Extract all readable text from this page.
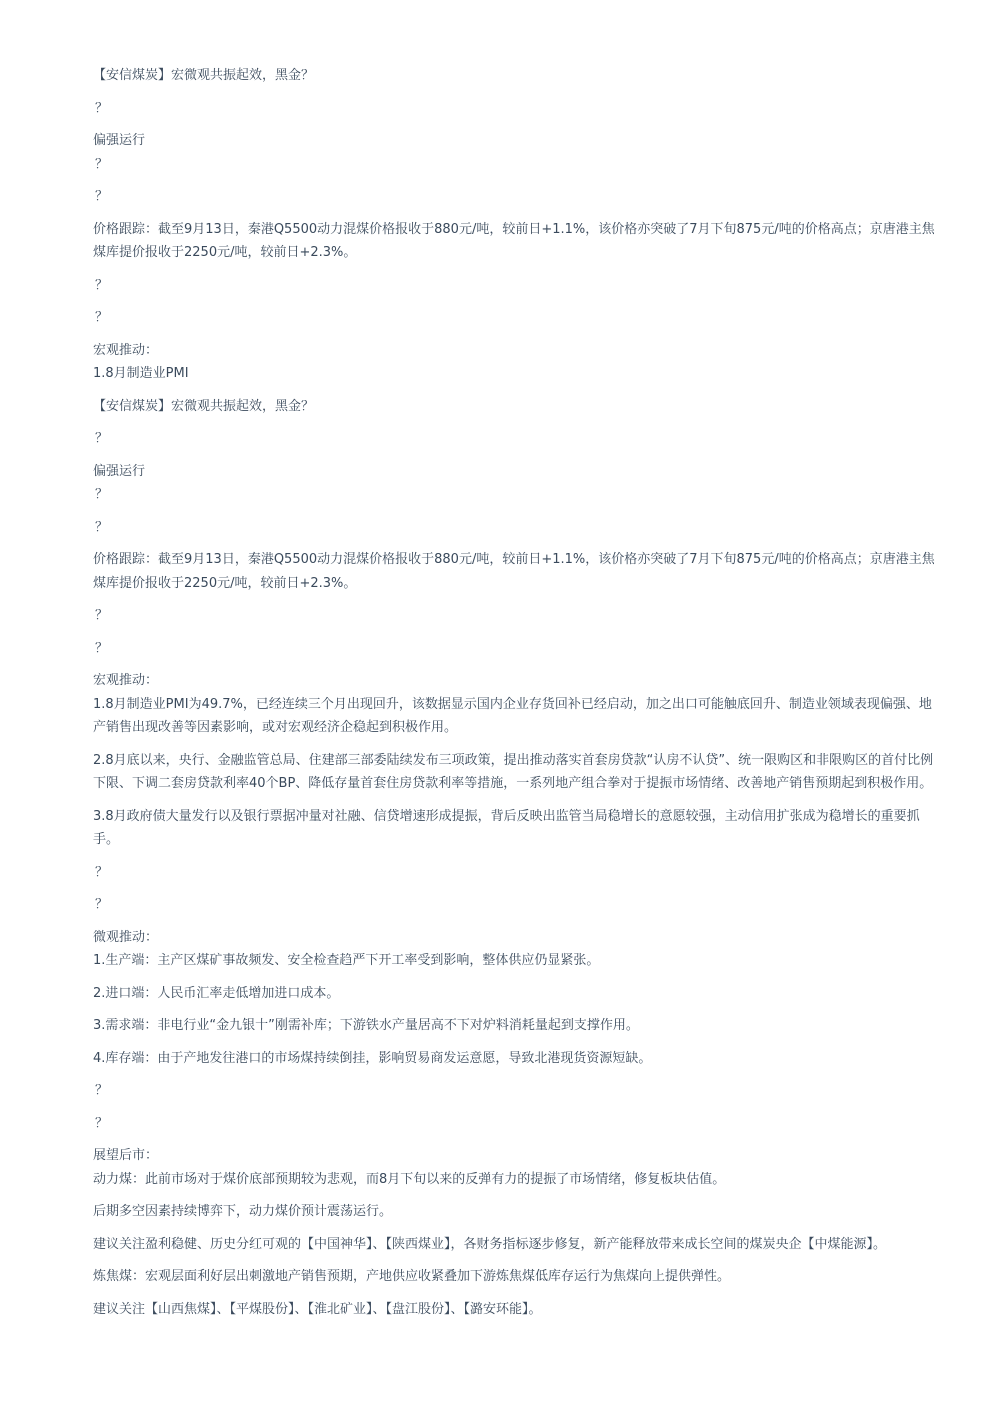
【安信煤炭】宏微观共振起效，黑金？

？

偏强运行

？

？

价格跟踪：截至9月13日，秦港Q5500动力混煤价格报收于880元/吨，较前日+1.1%，该价格亦突破了7月下旬875元/吨的价格高点；京唐港主焦煤库提价报收于2250元/吨，较前日+2.3%。

？

？

宏观推动：

1.8月制造业PMI

【安信煤炭】宏微观共振起效，黑金？

？

偏强运行

？

？

价格跟踪：截至9月13日，秦港Q5500动力混煤价格报收于880元/吨，较前日+1.1%，该价格亦突破了7月下旬875元/吨的价格高点；京唐港主焦煤库提价报收于2250元/吨，较前日+2.3%。

？

？

宏观推动：

1.8月制造业PMI为49.7%，已经连续三个月出现回升，该数据显示国内企业存货回补已经启动，加之出口可能触底回升、制造业领域表现偏强、地产销售出现改善等因素影响，或对宏观经济企稳起到积极作用。

2.8月底以来，央行、金融监管总局、住建部三部委陆续发布三项政策，提出推动落实首套房贷款“认房不认贷”、统一限购区和非限购区的首付比例下限、下调二套房贷款利率40个BP、降低存量首套住房贷款利率等措施，一系列地产组合拳对于提振市场情绪、改善地产销售预期起到积极作用。

3.8月政府债大量发行以及银行票据冲量对社融、信贷增速形成提振，背后反映出监管当局稳增长的意愿较强，主动信用扩张成为稳增长的重要抓手。

？

？

微观推动：

1.生产端：主产区煤矿事故频发、安全检查趋严下开工率受到影响，整体供应仍显紧张。

2.进口端：人民币汇率走低增加进口成本。

3.需求端：非电行业“金九银十”刚需补库；下游铁水产量居高不下对炉料消耗量起到支撑作用。

4.库存端：由于产地发往港口的市场煤持续倒挂，影响贸易商发运意愿，导致北港现货资源短缺。

？

？

展望后市：

动力煤：此前市场对于煤价底部预期较为悲观，而8月下旬以来的反弹有力的提振了市场情绪，修复板块估值。

后期多空因素持续博弈下，动力煤价预计震荡运行。

建议关注盈利稳健、历史分红可观的【中国神华】、【陕西煤业】，各财务指标逐步修复，新产能释放带来成长空间的煤炭央企【中煤能源】。

炼焦煤：宏观层面利好层出刺激地产销售预期，产地供应收紧叠加下游炼焦煤低库存运行为焦煤向上提供弹性。

建议关注【山西焦煤】、【平煤股份】、【淮北矿业】、【盘江股份】、【潞安环能】。
